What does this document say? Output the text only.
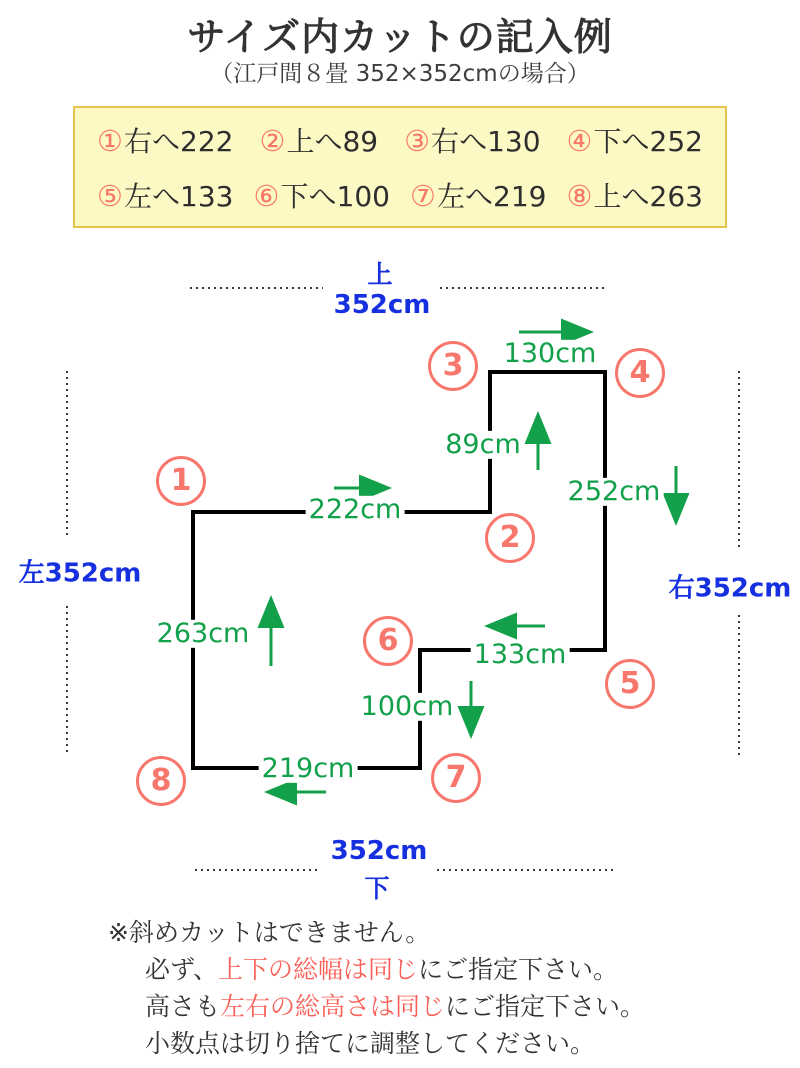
サイズ内カットの記入例
（江戸間８畳 352×352cmの場合）
①右へ222 ②上へ89 ③右へ130 ④下へ252
⑤左へ133 ⑥下へ100 ⑦左へ219 ⑧上へ263
上
352cm
左352cm	右352cm
352cm
下
222cm
89cm
130cm
252cm
133cm
100cm
219cm
263cm
1
2
3	4
5
6
7
8
※斜めカットはできません。
必ず、上下の総幅は同じにご指定下さい。
高さも左右の総高さは同じにご指定下さい。
小数点は切り捨てに調整してください。
